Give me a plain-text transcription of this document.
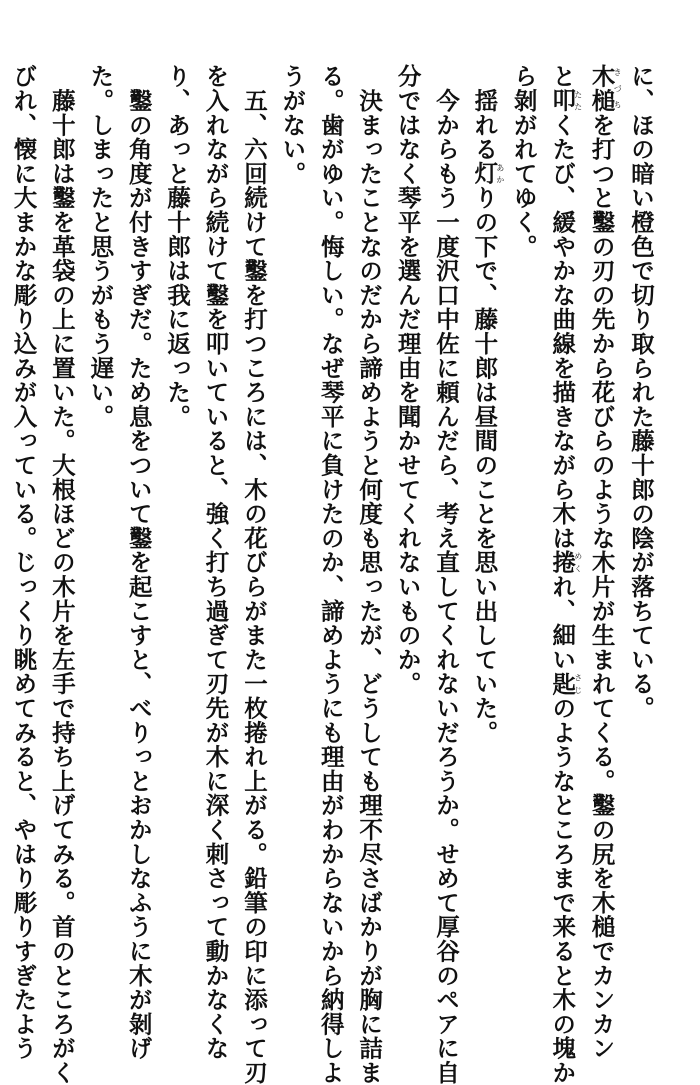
に、ほの暗い橙色で切り取られた藤十郎の陰が落ちている。
木槌きづちを打つと鑿の刃の先から花びらのような木片が生まれてくる。鑿の尻を木槌でカンカン
と叩たたくたび、緩やかな曲線を描きながら木は捲めくれ、細い匙さじのようなところまで来ると木の塊か
ら剝がれてゆく。
　揺れる灯あかりの下で、藤十郎は昼間のことを思い出していた。
　今からもう一度沢口中佐に頼んだら、考え直してくれないだろうか。せめて厚谷のペアに自
分ではなく琴平を選んだ理由を聞かせてくれないものか。
　決まったことなのだから諦めようと何度も思ったが、どうしても理不尽さばかりが胸に詰ま
る。歯がゆい。悔しい。なぜ琴平に負けたのか、諦めようにも理由がわからないから納得しよ
うがない。
　五、六回続けて鑿を打つころには、木の花びらがまた一枚捲れ上がる。鉛筆の印に添って刃
を入れながら続けて鑿を叩いていると、強く打ち過ぎて刃先が木に深く刺さって動かなくな
り、あっと藤十郎は我に返った。
　鑿の角度が付きすぎだ。ため息をついて鑿を起こすと、べりっとおかしなふうに木が剝げ
た。しまったと思うがもう遅い。
　藤十郎は鑿を革袋の上に置いた。大根ほどの木片を左手で持ち上げてみる。首のところがく
びれ、懐に大まかな彫り込みが入っている。じっくり眺めてみると、やはり彫りすぎたよう
